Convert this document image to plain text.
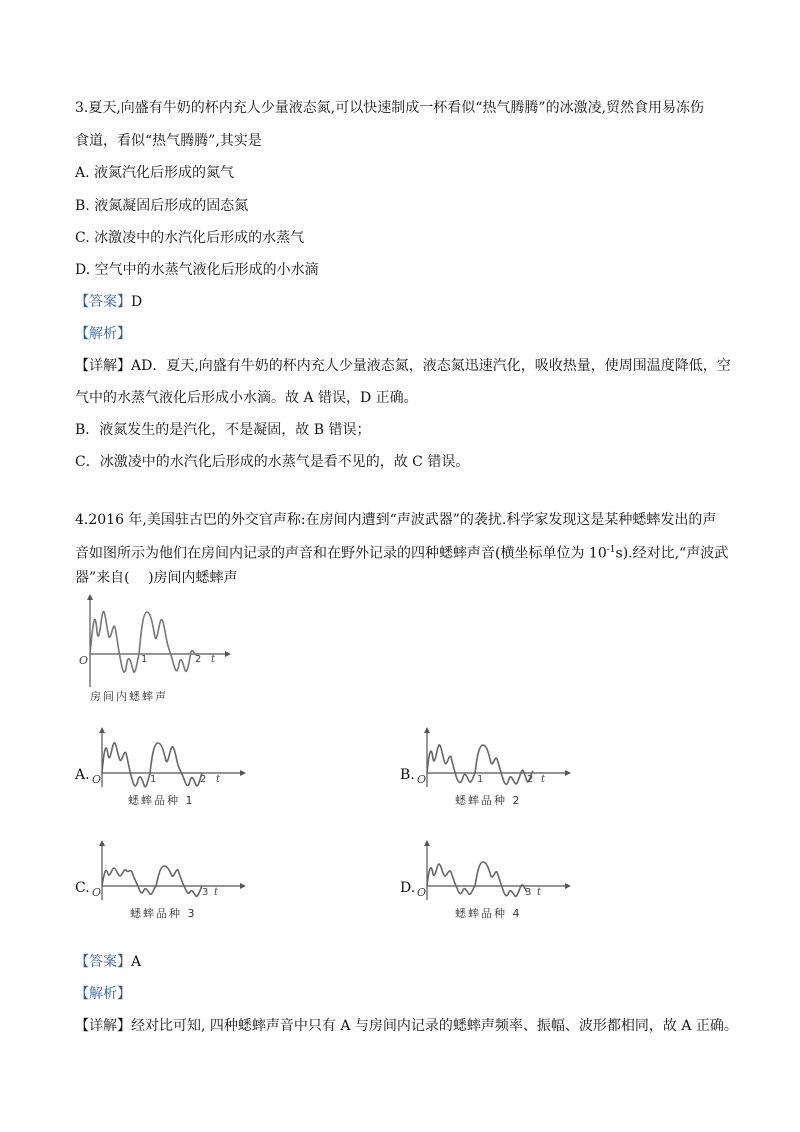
3.夏天,向盛有牛奶的杯内充人少量液态氮,可以快速制成一杯看似“热气腾腾”的冰激凌,贸然食用易冻伤
食道，看似“热气腾腾”,其实是
A. 液氮汽化后形成的氮气
B. 液氮凝固后形成的固态氮
C. 冰激凌中的水汽化后形成的水蒸气
D. 空气中的水蒸气液化后形成的小水滴
【答案】D
【解析】
【详解】AD．夏天,向盛有牛奶的杯内充人少量液态氮，液态氮迅速汽化，吸收热量，使周围温度降低，空
气中的水蒸气液化后形成小水滴。故 A 错误，D 正确。
B．液氮发生的是汽化，不是凝固，故 B 错误；
C．冰激凌中的水汽化后形成的水蒸气是看不见的，故 C 错误。
4.2016 年,美国驻古巴的外交官声称:在房间内遭到“声波武器”的袭扰.科学家发现这是某种蟋蟀发出的声
音如图所示为他们在房间内记录的声音和在野外记录的四种蟋蟀声音(横坐标单位为 $10^{-1}s$).经对比,“声波武
器”来自(　 )房间内蟋蟀声
O	1	2 t
房间内蟋蟀声
A. O	1	2 t
蟋蟀品种 1
B. O	1	2 t
蟋蟀品种 2
C. O	3 t
蟋蟀品种 3
D. O	3 t
蟋蟀品种 4
【答案】A
【解析】
【详解】经对比可知, 四种蟋蟀声音中只有 A 与房间内记录的蟋蟀声频率、振幅、波形都相同，故 A 正确。
